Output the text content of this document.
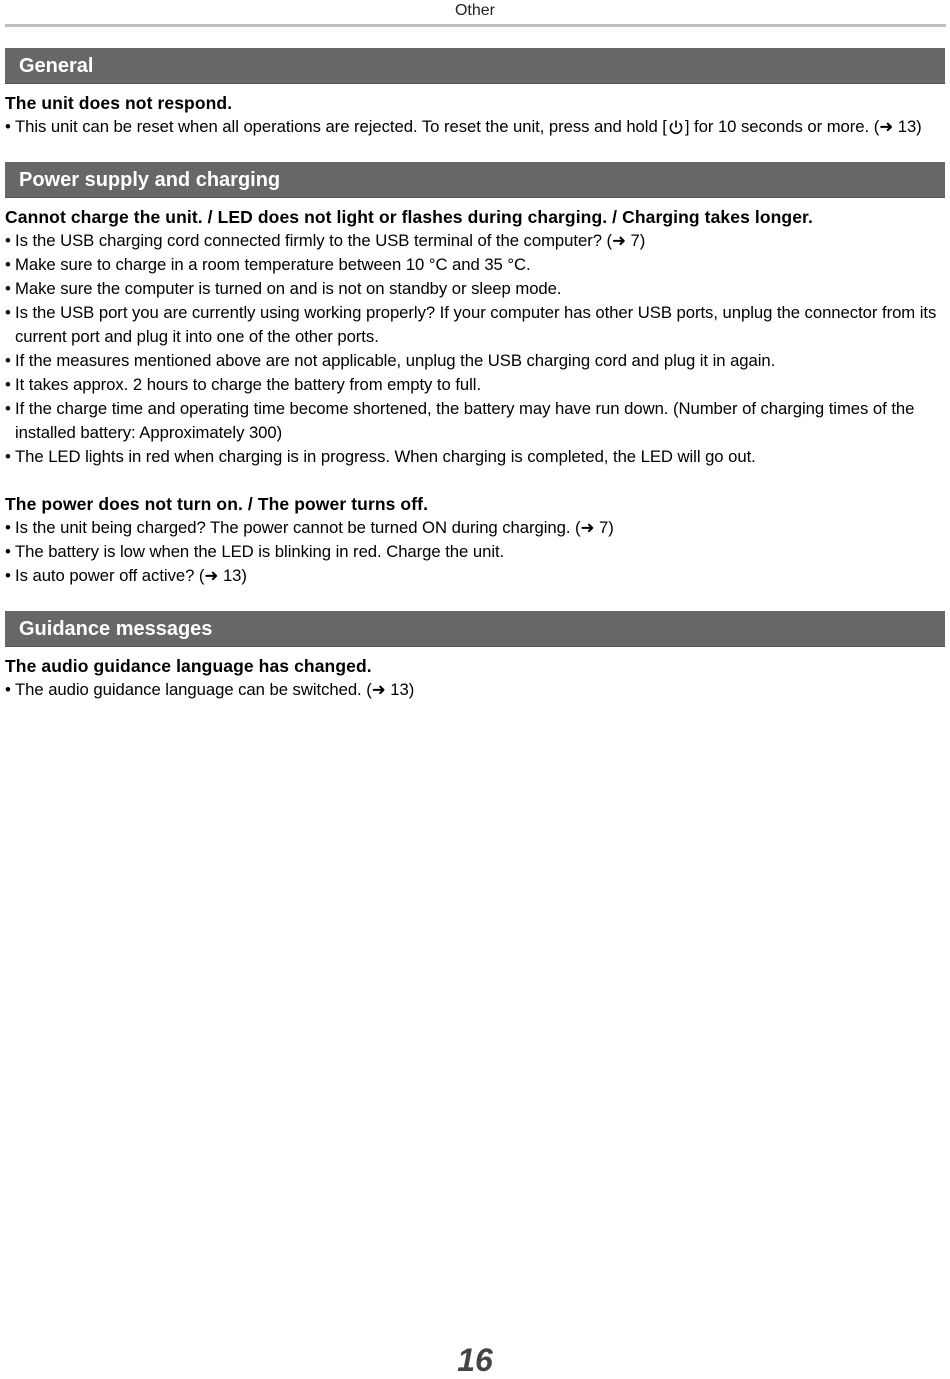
Other
General
The unit does not respond.
• This unit can be reset when all operations are rejected. To reset the unit, press and hold [ ] for 10 seconds or more. (➜ 13)
Power supply and charging
Cannot charge the unit. / LED does not light or flashes during charging. / Charging takes longer.
• Is the USB charging cord connected firmly to the USB terminal of the computer? (➜ 7)
• Make sure to charge in a room temperature between 10 °C and 35 °C.
• Make sure the computer is turned on and is not on standby or sleep mode.
• Is the USB port you are currently using working properly? If your computer has other USB ports, unplug the connector from its current port and plug it into one of the other ports.
• If the measures mentioned above are not applicable, unplug the USB charging cord and plug it in again.
• It takes approx. 2 hours to charge the battery from empty to full.
• If the charge time and operating time become shortened, the battery may have run down. (Number of charging times of the installed battery: Approximately 300)
• The LED lights in red when charging is in progress. When charging is completed, the LED will go out.
The power does not turn on. / The power turns off.
• Is the unit being charged? The power cannot be turned ON during charging. (➜ 7)
• The battery is low when the LED is blinking in red. Charge the unit.
• Is auto power off active? (➜ 13)
Guidance messages
The audio guidance language has changed.
• The audio guidance language can be switched. (➜ 13)
16
